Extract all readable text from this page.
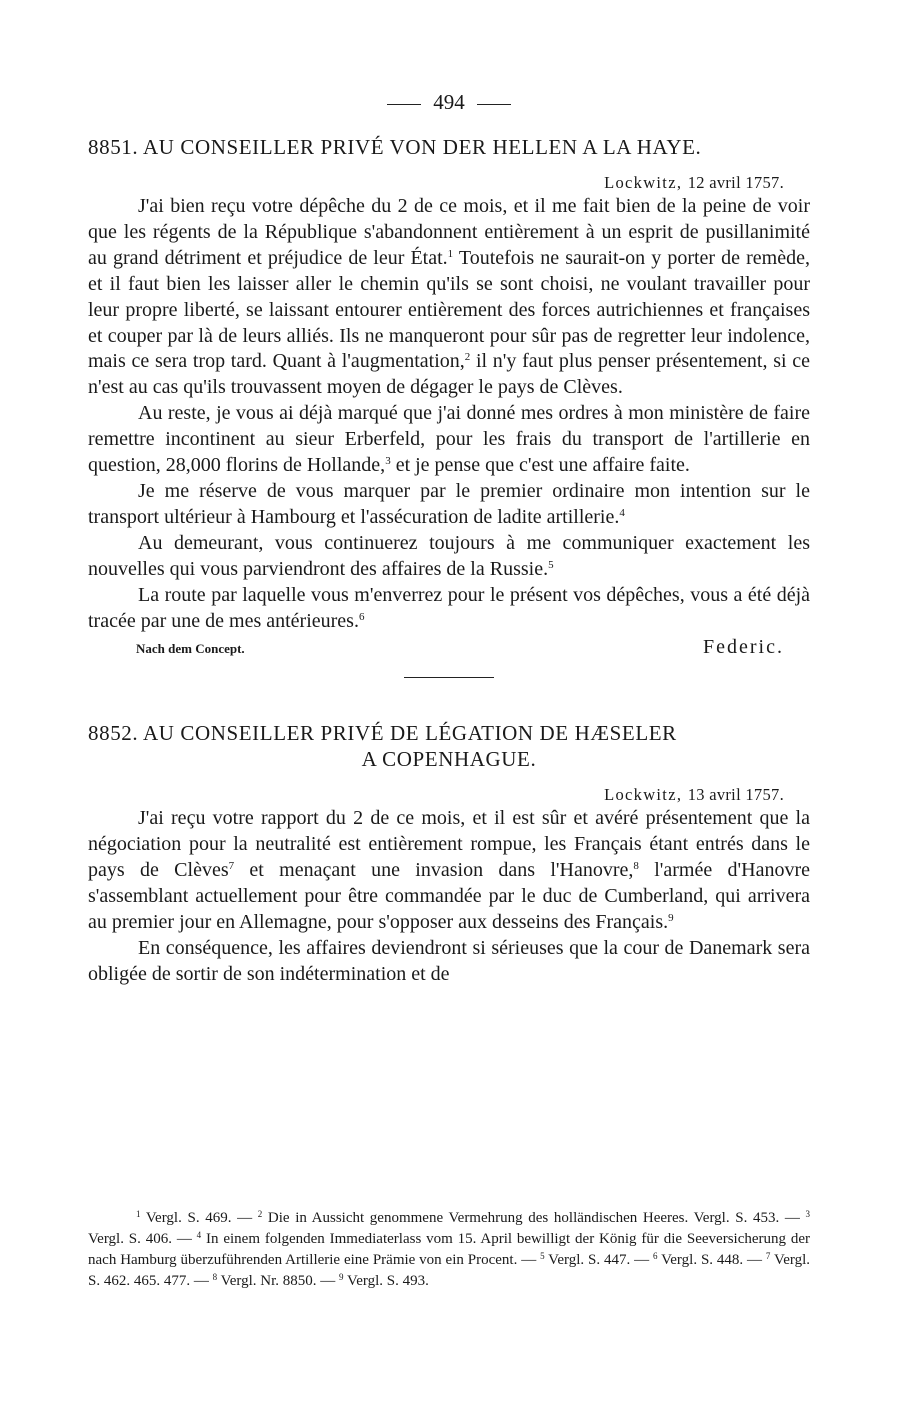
494
8851. AU CONSEILLER PRIVÉ VON DER HELLEN A LA HAYE.
Lockwitz, 12 avril 1757.

J'ai bien reçu votre dépêche du 2 de ce mois, et il me fait bien de la peine de voir que les régents de la République s'abandonnent entièrement à un esprit de pusillanimité au grand détriment et préjudice de leur État.$^1$ Toutefois ne saurait-on y porter de remède, et il faut bien les laisser aller le chemin qu'ils se sont choisi, ne voulant travailler pour leur propre liberté, se laissant entourer entièrement des forces autrichiennes et françaises et couper par là de leurs alliés. Ils ne manqueront pour sûr pas de regretter leur indolence, mais ce sera trop tard. Quant à l'augmentation,$^2$ il n'y faut plus penser présentement, si ce n'est au cas qu'ils trouvassent moyen de dégager le pays de Clèves.

Au reste, je vous ai déjà marqué que j'ai donné mes ordres à mon ministère de faire remettre incontinent au sieur Erberfeld, pour les frais du transport de l'artillerie en question, 28,000 florins de Hollande,$^3$ et je pense que c'est une affaire faite.

Je me réserve de vous marquer par le premier ordinaire mon intention sur le transport ultérieur à Hambourg et l'assécuration de ladite artillerie.$^4$

Au demeurant, vous continuerez toujours à me communiquer exactement les nouvelles qui vous parviendront des affaires de la Russie.$^5$

La route par laquelle vous m'enverrez pour le présent vos dépêches, vous a été déjà tracée par une de mes antérieures.$^6$

Nach dem Concept.	Federic.
8852. AU CONSEILLER PRIVÉ DE LÉGATION DE HÆSELER
A COPENHAGUE.
Lockwitz, 13 avril 1757.

J'ai reçu votre rapport du 2 de ce mois, et il est sûr et avéré présentement que la négociation pour la neutralité est entièrement rompue, les Français étant entrés dans le pays de Clèves$^7$ et menaçant une invasion dans l'Hanovre,$^8$ l'armée d'Hanovre s'assemblant actuellement pour être commandée par le duc de Cumberland, qui arrivera au premier jour en Allemagne, pour s'opposer aux desseins des Français.$^9$

En conséquence, les affaires deviendront si sérieuses que la cour de Danemark sera obligée de sortir de son indétermination et de

$^1$ Vergl. S. 469. — $^2$ Die in Aussicht genommene Vermehrung des holländischen Heeres. Vergl. S. 453. — $^3$ Vergl. S. 406. — $^4$ In einem folgenden Immediaterlass vom 15. April bewilligt der König für die Seeversicherung der nach Hamburg überzuführenden Artillerie eine Prämie von ein Procent. — $^5$ Vergl. S. 447. — $^6$ Vergl. S. 448. — $^7$ Vergl. S. 462. 465. 477. — $^8$ Vergl. Nr. 8850. — $^9$ Vergl. S. 493.
